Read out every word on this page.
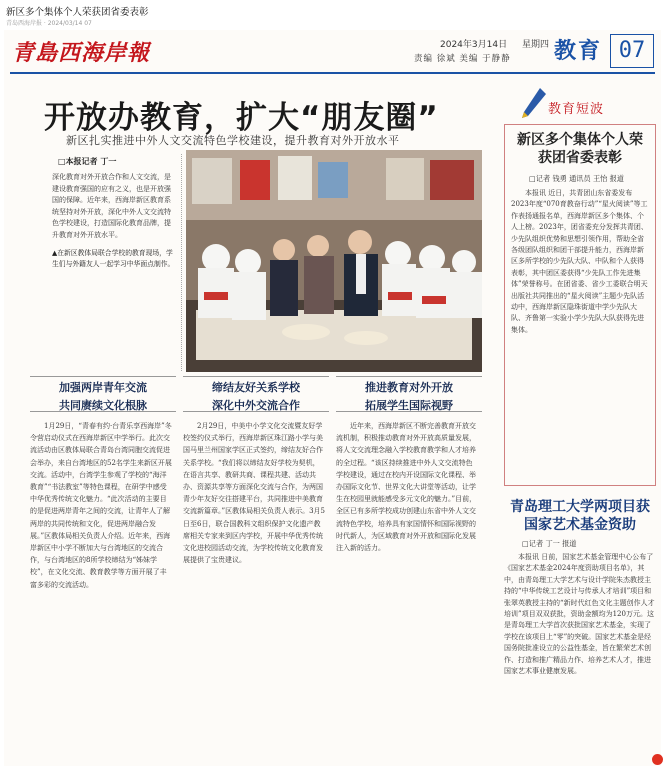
新区多个集体个人荣获团省委表彰
青岛西海岸报 · 2024/03/14 07
青島西海岸報	2024年3月14日 星期四
责编 徐斌 美编 于静静 教育 07
开放办教育，扩大“朋友圈”
新区扎实推进中外人文交流特色学校建设，提升教育对外开放水平
□本报记者 丁一
深化教育对外开放合作和人文交流，是建设教育强国的应有之义，也是开放强国的保障。近年来，西海岸新区教育系统坚持对外开放，深化中外人文交流特色学校建设，打造国际化教育品牌，提升教育对外开放水平。
▲在新区教体局联合学校的教育现场，学生们与外籍友人一起学习中华面点制作。
加强两岸青年交流
共同赓续文化根脉
缔结友好关系学校
深化中外交流合作
推进教育对外开放
拓展学生国际视野

1月29日，“青春有约·台青乐享西海岸”冬令营启动仪式在西海岸新区中学举行。此次交流活动由区教体局联合青岛台湾同胞交流促进会举办，来自台湾地区的52名学生来新区开展交流。活动中，台湾学生参观了学校的“海洋教育”“书法教室”等特色课程，在研学中感受中华优秀传统文化魅力。“此次活动的主要目的是促进两岸青年之间的交流，让青年人了解两岸的共同传统和文化，促进两岸融合发展。”区教体局相关负责人介绍。近年来，西海岸新区中小学不断加大与台湾地区的交流合作，与台湾地区的8所学校缔结为“姊妹学校”，在文化交流、教育教学等方面开展了丰富多彩的交流活动。

2月29日，中美中小学文化交流暨友好学校签约仪式举行，西海岸新区珠江路小学与美国马里兰州国家学区正式签约，缔结友好合作关系学校。“我们将以缔结友好学校为契机，在语言共享、教研共商、课程共建、活动共办、资源共享等方面深化交流与合作，为两国青少年友好交往搭建平台，共同推进中美教育交流新篇章。”区教体局相关负责人表示。3月5日至6日，联合国教科文组织保护文化遗产教席相关专家来到区内学校，开展中华优秀传统文化进校园活动交流，为学校传统文化教育发展提供了宝贵建议。

近年来，西海岸新区不断完善教育开放交流机制，积极推动教育对外开放高质量发展，将人文交流理念融入学校教育教学和人才培养的全过程。“该区持续推进中外人文交流特色学校建设，通过在校内开设国际文化课程、举办国际文化节、世界文化大讲堂等活动，让学生在校园里就能感受多元文化的魅力。”目前，全区已有多所学校成功创建山东省中外人文交流特色学校，培养具有家国情怀和国际视野的时代新人，为区域教育对外开放和国际化发展注入新的活力。

教育短波
新区多个集体个人荣获团省委表彰
□记者 钱勇 通讯员 王怡 报道
本报讯 近日，共青团山东省委发布2023年度“070育教奋行动”“星火阅读”等工作表扬通报名单，西海岸新区多个集体、个人上榜。2023年，团省委充分发挥共青团、少先队组织优势和思想引领作用，帮助全省各级团队组织和团干部提升能力，西海岸新区多所学校的少先队大队、中队和个人获得表彰，其中团区委获得“少先队工作先进集体”荣誉称号。在团省委、省少工委联合明天出版社共同推出的“星火阅读”主题少先队活动中，西海岸新区隐珠街道中学少先队大队、齐鲁第一实验小学少先队大队获得先进集体。
青岛理工大学两项目获国家艺术基金资助
□记者 丁一 报道
本报讯 日前，国家艺术基金管理中心公布了《国家艺术基金2024年度资助项目名单》，其中，由青岛理工大学艺术与设计学院朱杰教授主持的“中华传统工艺设计与传承人才培训”项目和张翠英教授主持的“新时代红色文化主题创作人才培训”项目双双获批，资助金额均为120万元。这是青岛理工大学首次获批国家艺术基金，实现了学校在该项目上“零”的突破。国家艺术基金是经国务院批准设立的公益性基金，旨在繁荣艺术创作、打造和推广精品力作、培养艺术人才，推进国家艺术事业健康发展。
